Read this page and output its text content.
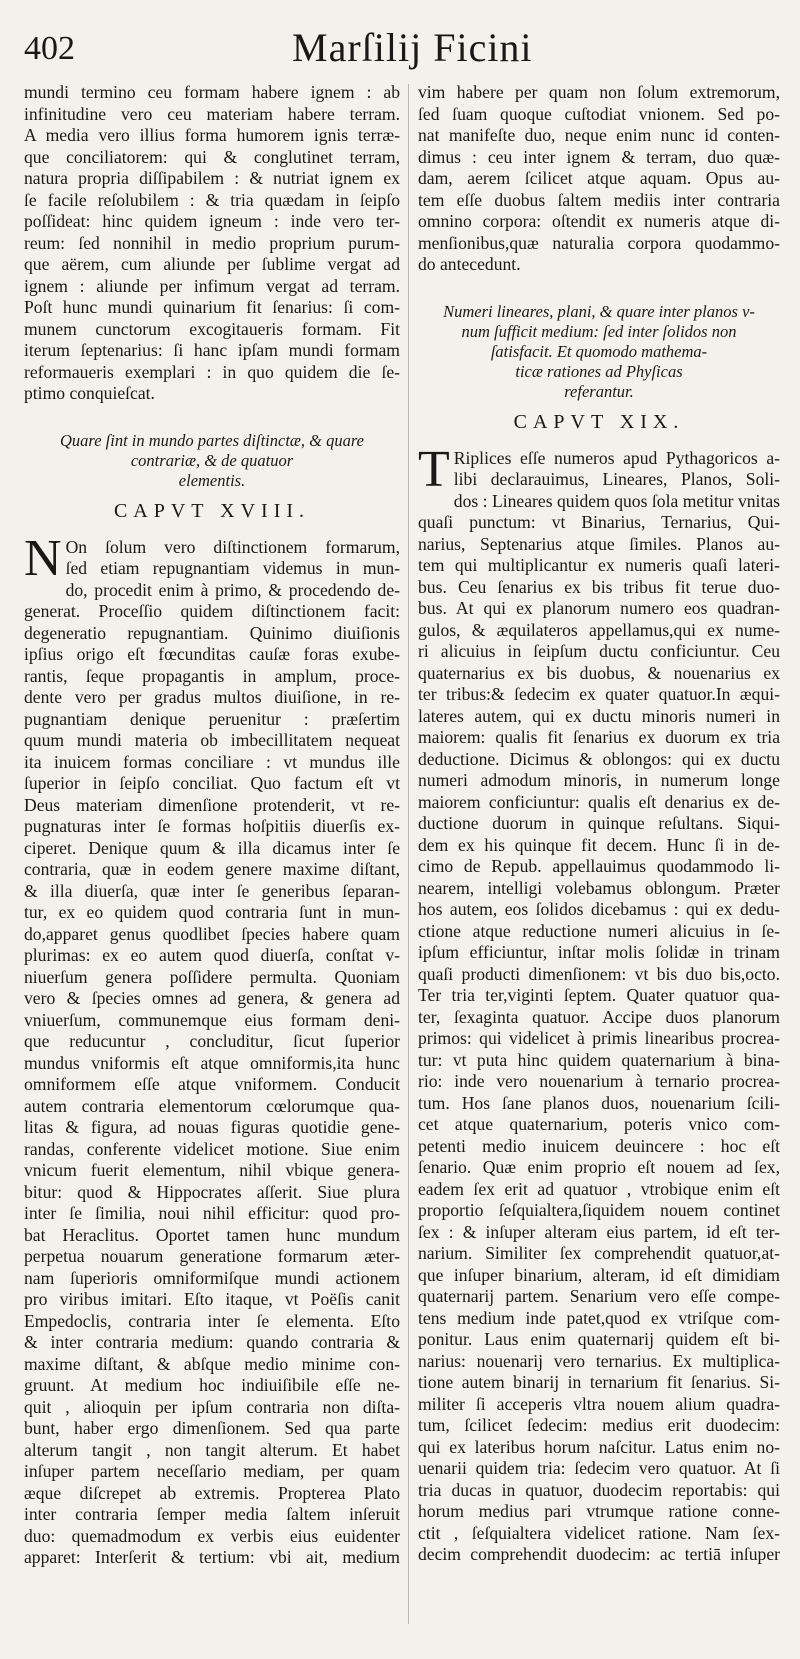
402	Marſilij Ficini
mundi termino ceu formam habere ignem : ab
infinitudine vero ceu materiam habere terram.
A media vero illius forma humorem ignis terræ-
que conciliatorem: qui & conglutinet terram,
natura propria diſſipabilem : & nutriat ignem ex
ſe facile reſolubilem : & tria quædam in ſeipſo
poſſideat: hinc quidem igneum : inde vero ter-
reum: ſed nonnihil in medio proprium purum-
que aërem, cum aliunde per ſublime vergat ad
ignem : aliunde per infimum vergat ad terram.
Poſt hunc mundi quinarium fit ſenarius: ſi com-
munem cunctorum excogitaueris formam. Fit
iterum ſeptenarius: ſi hanc ipſam mundi formam
reformaueris exemplari : in quo quidem die ſe-
ptimo conquieſcat.
Quare ſint in mundo partes diſtinctæ, & quare
contrariæ, & de quatuor
elementis.
CAPVT XVIII.
N On ſolum vero diſtinctionem formarum,
ſed etiam repugnantiam videmus in mun-
do, procedit enim à primo, & procedendo de-
generat. Proceſſio quidem diſtinctionem facit:
degeneratio repugnantiam. Quinimo diuiſionis
ipſius origo eſt fœcunditas cauſæ foras exube-
rantis, ſeque propagantis in amplum, proce-
dente vero per gradus multos diuiſione, in re-
pugnantiam denique peruenitur : præſertim
quum mundi materia ob imbecillitatem nequeat
ita inuicem formas conciliare : vt mundus ille
ſuperior in ſeipſo conciliat. Quo factum eſt vt
Deus materiam dimenſione protenderit, vt re-
pugnaturas inter ſe formas hoſpitiis diuerſis ex-
ciperet. Denique quum & illa dicamus inter ſe
contraria, quæ in eodem genere maxime diſtant,
& illa diuerſa, quæ inter ſe generibus ſeparan-
tur, ex eo quidem quod contraria ſunt in mun-
do,apparet genus quodlibet ſpecies habere quam
plurimas: ex eo autem quod diuerſa, conſtat v-
niuerſum genera poſſidere permulta. Quoniam
vero & ſpecies omnes ad genera, & genera ad
vniuerſum, communemque eius formam deni-
que reducuntur , concluditur, ſicut ſuperior
mundus vniformis eſt atque omniformis,ita hunc
omniformem eſſe atque vniformem. Conducit
autem contraria elementorum cœlorumque qua-
litas & figura, ad nouas figuras quotidie gene-
randas, conferente videlicet motione. Siue enim
vnicum fuerit elementum, nihil vbique genera-
bitur: quod & Hippocrates aſſerit. Siue plura
inter ſe ſimilia, noui nihil efficitur: quod pro-
bat Heraclitus. Oportet tamen hunc mundum
perpetua nouarum generatione formarum æter-
nam ſuperioris omniformiſque mundi actionem
pro viribus imitari. Eſto itaque, vt Poëſis canit
Empedoclis, contraria inter ſe elementa. Eſto
& inter contraria medium: quando contraria &
maxime diſtant, & abſque medio minime con-
gruunt. At medium hoc indiuiſibile eſſe ne-
quit , alioquin per ipſum contraria non diſta-
bunt, haber ergo dimenſionem. Sed qua parte
alterum tangit , non tangit alterum. Et habet
inſuper partem neceſſario mediam, per quam
æque diſcrepet ab extremis. Propterea Plato
inter contraria ſemper media ſaltem inſeruit
duo: quemadmodum ex verbis eius euidenter
apparet: Interſerit & tertium: vbi ait, medium
vim habere per quam non ſolum extremorum,
ſed ſuam quoque cuſtodiat vnionem. Sed po-
nat manifeſte duo, neque enim nunc id conten-
dimus : ceu inter ignem & terram, duo quæ-
dam, aerem ſcilicet atque aquam. Opus au-
tem eſſe duobus ſaltem mediis inter contraria
omnino corpora: oſtendit ex numeris atque di-
menſionibus,quæ naturalia corpora quodammo-
do antecedunt.
Numeri lineares, plani, & quare inter planos v-
num ſufficit medium: ſed inter ſolidos non
ſatisfacit. Et quomodo mathema-
ticæ rationes ad Phyſicas
referantur.
CAPVT XIX.
T Riplices eſſe numeros apud Pythagoricos a-
libi declarauimus, Lineares, Planos, Soli-
dos : Lineares quidem quos ſola metitur vnitas
quaſi punctum: vt Binarius, Ternarius, Qui-
narius, Septenarius atque ſimiles. Planos au-
tem qui multiplicantur ex numeris quaſi lateri-
bus. Ceu ſenarius ex bis tribus fit terue duo-
bus. At qui ex planorum numero eos quadran-
gulos, & æquilateros appellamus,qui ex nume-
ri alicuius in ſeipſum ductu conficiuntur. Ceu
quaternarius ex bis duobus, & nouenarius ex
ter tribus:& ſedecim ex quater quatuor.In æqui-
lateres autem, qui ex ductu minoris numeri in
maiorem: qualis fit ſenarius ex duorum ex tria
deductione. Dicimus & oblongos: qui ex ductu
numeri admodum minoris, in numerum longe
maiorem conficiuntur: qualis eſt denarius ex de-
ductione duorum in quinque reſultans. Siqui-
dem ex his quinque fit decem. Hunc ſi in de-
cimo de Repub. appellauimus quodammodo li-
nearem, intelligi volebamus oblongum. Præter
hos autem, eos ſolidos dicebamus : qui ex dedu-
ctione atque reductione numeri alicuius in ſe-
ipſum efficiuntur, inſtar molis ſolidæ in trinam
quaſi producti dimenſionem: vt bis duo bis,octo.
Ter tria ter,viginti ſeptem. Quater quatuor qua-
ter, ſexaginta quatuor. Accipe duos planorum
primos: qui videlicet à primis linearibus procrea-
tur: vt puta hinc quidem quaternarium à bina-
rio: inde vero nouenarium à ternario procrea-
tum. Hos ſane planos duos, nouenarium ſcili-
cet atque quaternarium, poteris vnico com-
petenti medio inuicem deuincere : hoc eſt
ſenario. Quæ enim proprio eſt nouem ad ſex,
eadem ſex erit ad quatuor , vtrobique enim eſt
proportio ſeſquialtera,ſiquidem nouem continet
ſex : & inſuper alteram eius partem, id eſt ter-
narium. Similiter ſex comprehendit quatuor,at-
que inſuper binarium, alteram, id eſt dimidiam
quaternarij partem. Senarium vero eſſe compe-
tens medium inde patet,quod ex vtriſque com-
ponitur. Laus enim quaternarij quidem eſt bi-
narius: nouenarij vero ternarius. Ex multiplica-
tione autem binarij in ternarium fit ſenarius. Si-
militer ſi acceperis vltra nouem alium quadra-
tum, ſcilicet ſedecim: medius erit duodecim:
qui ex lateribus horum naſcitur. Latus enim no-
uenarii quidem tria: ſedecim vero quatuor. At ſi
tria ducas in quatuor, duodecim reportabis: qui
horum medius pari vtrumque ratione conne-
ctit , ſeſquialtera videlicet ratione. Nam ſex-
decim comprehendit duodecim: ac tertiā inſuper
